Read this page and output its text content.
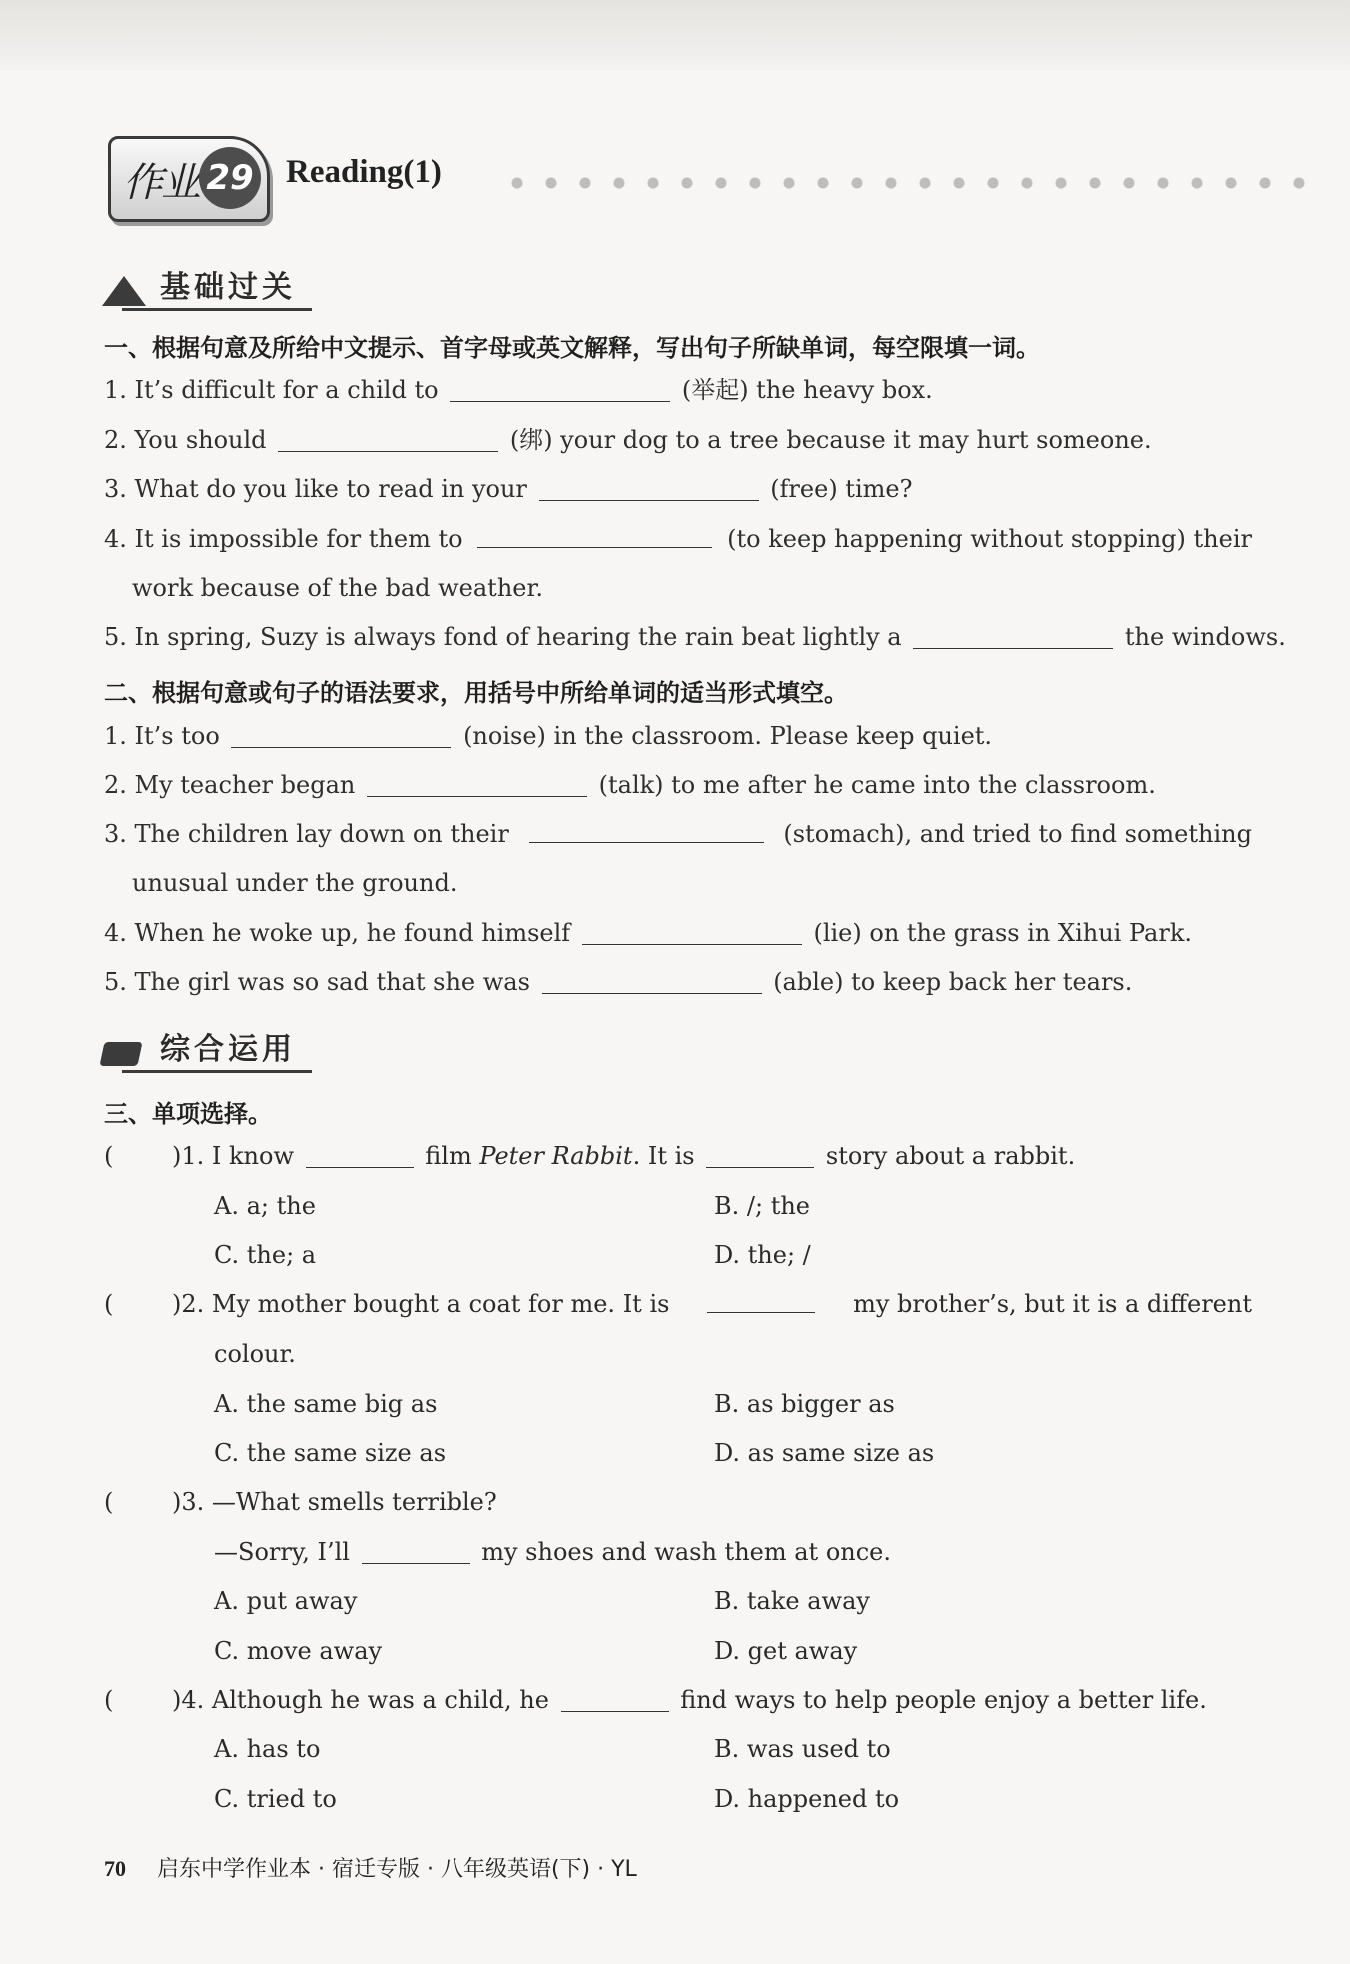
作业 29 Reading(1)
基础过关
一、根据句意及所给中文提示、首字母或英文解释，写出句子所缺单词，每空限填一词。
1. It’s difficult for a child to	(举起) the heavy box.
2. You should	(绑) your dog to a tree because it may hurt someone.
3. What do you like to read in your	(free) time?
4. It is impossible for them to	(to keep happening without stopping) their
work because of the bad weather.
5. In spring, Suzy is always fond of hearing the rain beat lightly a	the windows.
二、根据句意或句子的语法要求，用括号中所给单词的适当形式填空。
1. It’s too	(noise) in the classroom. Please keep quiet.
2. My teacher began	(talk) to me after he came into the classroom.
3. The children lay down on their	(stomach), and tried to find something
unusual under the ground.
4. When he woke up, he found himself	(lie) on the grass in Xihui Park.
5. The girl was so sad that she was	(able) to keep back her tears.
综合运用
三、单项选择。
( )1. I know	film Peter Rabbit. It is	story about a rabbit.
A. a; the	B. /; the
C. the; a	D. the; /
( )2. My mother bought a coat for me. It is	my brother’s, but it is a different
colour.
A. the same big as	B. as bigger as
C. the same size as	D. as same size as
( )3. —What smells terrible?
—Sorry, I’ll	my shoes and wash them at once.
A. put away	B. take away
C. move away	D. get away
( )4. Although he was a child, he	find ways to help people enjoy a better life.
A. has to	B. was used to
C. tried to	D. happened to
70 启东中学作业本 · 宿迁专版 · 八年级英语(下) · YL
